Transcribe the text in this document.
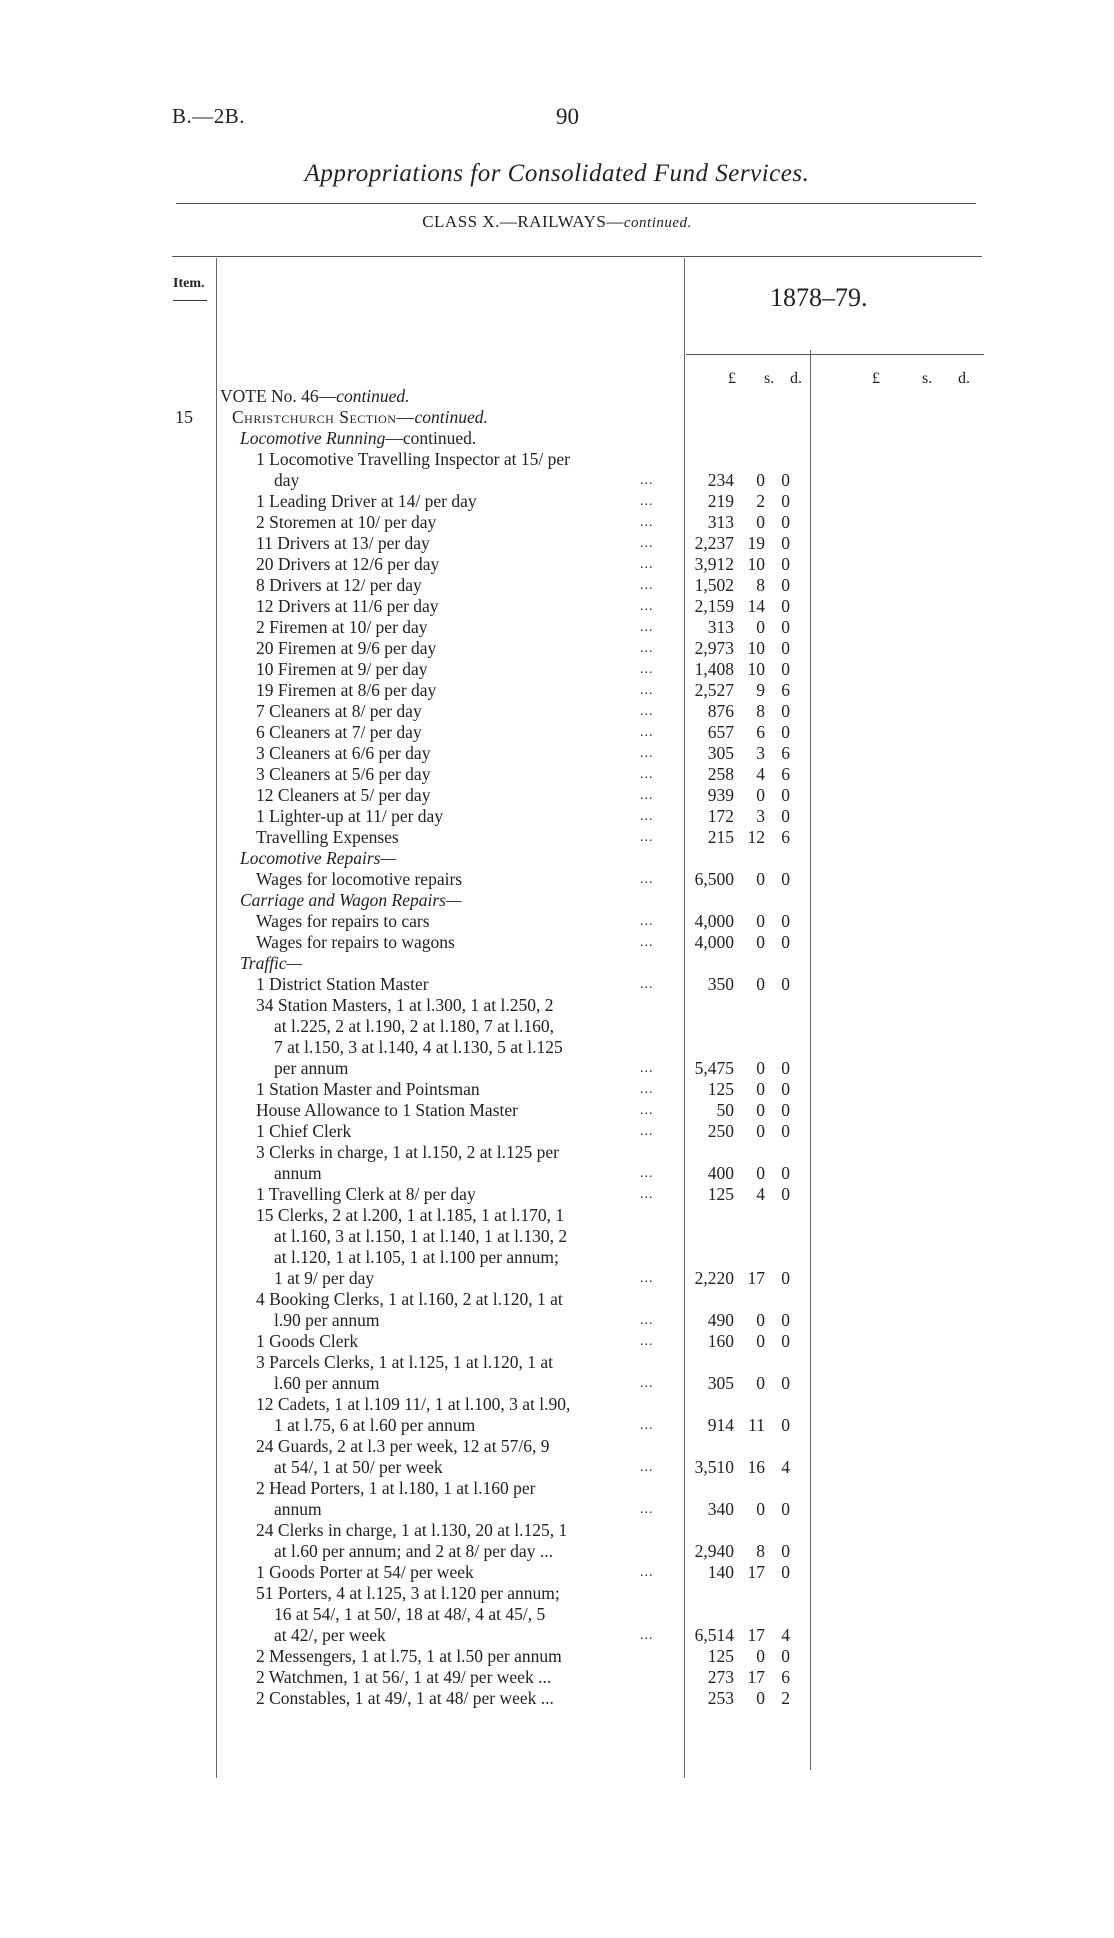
B.—2B.	90
Appropriations for Consolidated Fund Services.
CLASS X.—RAILWAYS—continued.
Item.	1878–79.
£ s. d.	£	s. d.
VOTE No. 46—continued.
15 Christchurch Section—continued.
Locomotive Running—continued.
1 Locomotive Travelling Inspector at 15/ per
day	...	234	0 0
1 Leading Driver at 14/ per day	...	219	2 0
2 Storemen at 10/ per day	...	313	0 0
11 Drivers at 13/ per day	...	2,237 19 0
20 Drivers at 12/6 per day	...	3,912 10 0
8 Drivers at 12/ per day	...	1,502	8 0
12 Drivers at 11/6 per day	...	2,159 14 0
2 Firemen at 10/ per day	...	313	0 0
20 Firemen at 9/6 per day	...	2,973 10 0
10 Firemen at 9/ per day	...	1,408 10 0
19 Firemen at 8/6 per day	...	2,527	9 6
7 Cleaners at 8/ per day	...	876	8 0
6 Cleaners at 7/ per day	...	657	6 0
3 Cleaners at 6/6 per day	...	305	3 6
3 Cleaners at 5/6 per day	...	258	4 6
12 Cleaners at 5/ per day	...	939	0 0
1 Lighter-up at 11/ per day	...	172	3 0
Travelling Expenses	...	215 12 6
Locomotive Repairs—
Wages for locomotive repairs	...	6,500	0 0
Carriage and Wagon Repairs—
Wages for repairs to cars	...	4,000	0 0
Wages for repairs to wagons	...	4,000	0 0
Traffic—
1 District Station Master	...	350	0 0
34 Station Masters, 1 at l.300, 1 at l.250, 2
at l.225, 2 at l.190, 2 at l.180, 7 at l.160,
7 at l.150, 3 at l.140, 4 at l.130, 5 at l.125
per annum	...	5,475	0 0
1 Station Master and Pointsman	...	125	0 0
House Allowance to 1 Station Master	...	50	0 0
1 Chief Clerk	...	250	0 0
3 Clerks in charge, 1 at l.150, 2 at l.125 per
annum	...	400	0 0
1 Travelling Clerk at 8/ per day	...	125	4 0
15 Clerks, 2 at l.200, 1 at l.185, 1 at l.170, 1
at l.160, 3 at l.150, 1 at l.140, 1 at l.130, 2
at l.120, 1 at l.105, 1 at l.100 per annum;
1 at 9/ per day	...	2,220 17 0
4 Booking Clerks, 1 at l.160, 2 at l.120, 1 at
l.90 per annum	...	490	0 0
1 Goods Clerk	...	160	0 0
3 Parcels Clerks, 1 at l.125, 1 at l.120, 1 at
l.60 per annum	...	305	0 0
12 Cadets, 1 at l.109 11/, 1 at l.100, 3 at l.90,
1 at l.75, 6 at l.60 per annum	...	914 11 0
24 Guards, 2 at l.3 per week, 12 at 57/6, 9
at 54/, 1 at 50/ per week	...	3,510 16 4
2 Head Porters, 1 at l.180, 1 at l.160 per
annum	...	340	0 0
24 Clerks in charge, 1 at l.130, 20 at l.125, 1
at l.60 per annum; and 2 at 8/ per day ...	2,940	8 0
1 Goods Porter at 54/ per week	...	140 17 0
51 Porters, 4 at l.125, 3 at l.120 per annum;
16 at 54/, 1 at 50/, 18 at 48/, 4 at 45/, 5
at 42/, per week	...	6,514 17 4
2 Messengers, 1 at l.75, 1 at l.50 per annum	125	0 0
2 Watchmen, 1 at 56/, 1 at 49/ per week ...	273 17 6
2 Constables, 1 at 49/, 1 at 48/ per week ...	253	0 2
